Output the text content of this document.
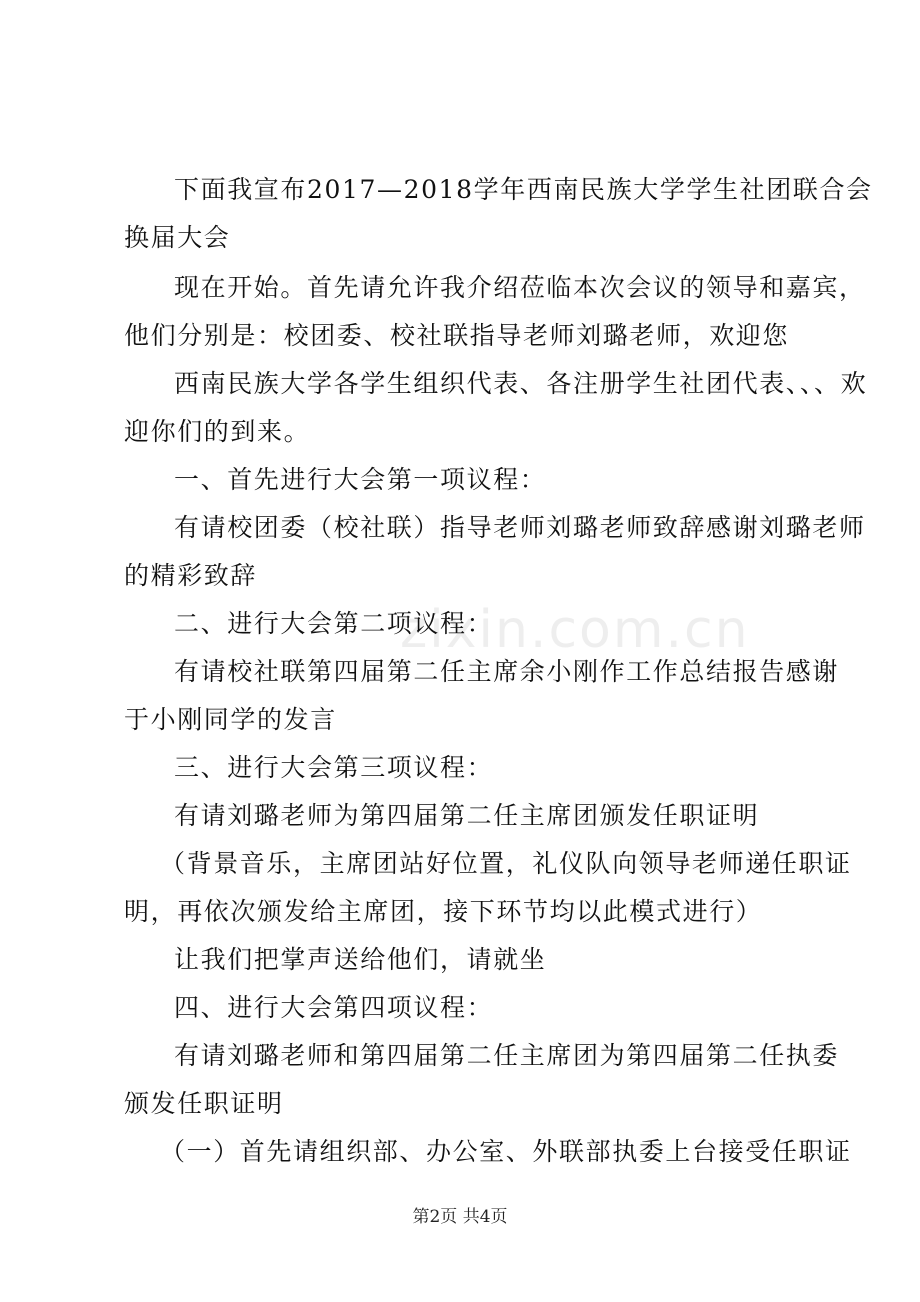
zixin.com.cn
下面我宣布2017—2018学年西南民族大学学生社团联合会
换届大会
现在开始。首先请允许我介绍莅临本次会议的领导和嘉宾，
他们分别是：校团委、校社联指导老师刘璐老师，欢迎您
西南民族大学各学生组织代表、各注册学生社团代表、、、欢
迎你们的到来。
一、首先进行大会第一项议程：
有请校团委（校社联）指导老师刘璐老师致辞感谢刘璐老师
的精彩致辞
二、进行大会第二项议程：
有请校社联第四届第二任主席余小刚作工作总结报告感谢
于小刚同学的发言
三、进行大会第三项议程：
有请刘璐老师为第四届第二任主席团颁发任职证明
（背景音乐，主席团站好位置，礼仪队向领导老师递任职证
明，再依次颁发给主席团，接下环节均以此模式进行）
让我们把掌声送给他们，请就坐
四、进行大会第四项议程：
有请刘璐老师和第四届第二任主席团为第四届第二任执委
颁发任职证明
（一）首先请组织部、办公室、外联部执委上台接受任职证
第2页 共4页
